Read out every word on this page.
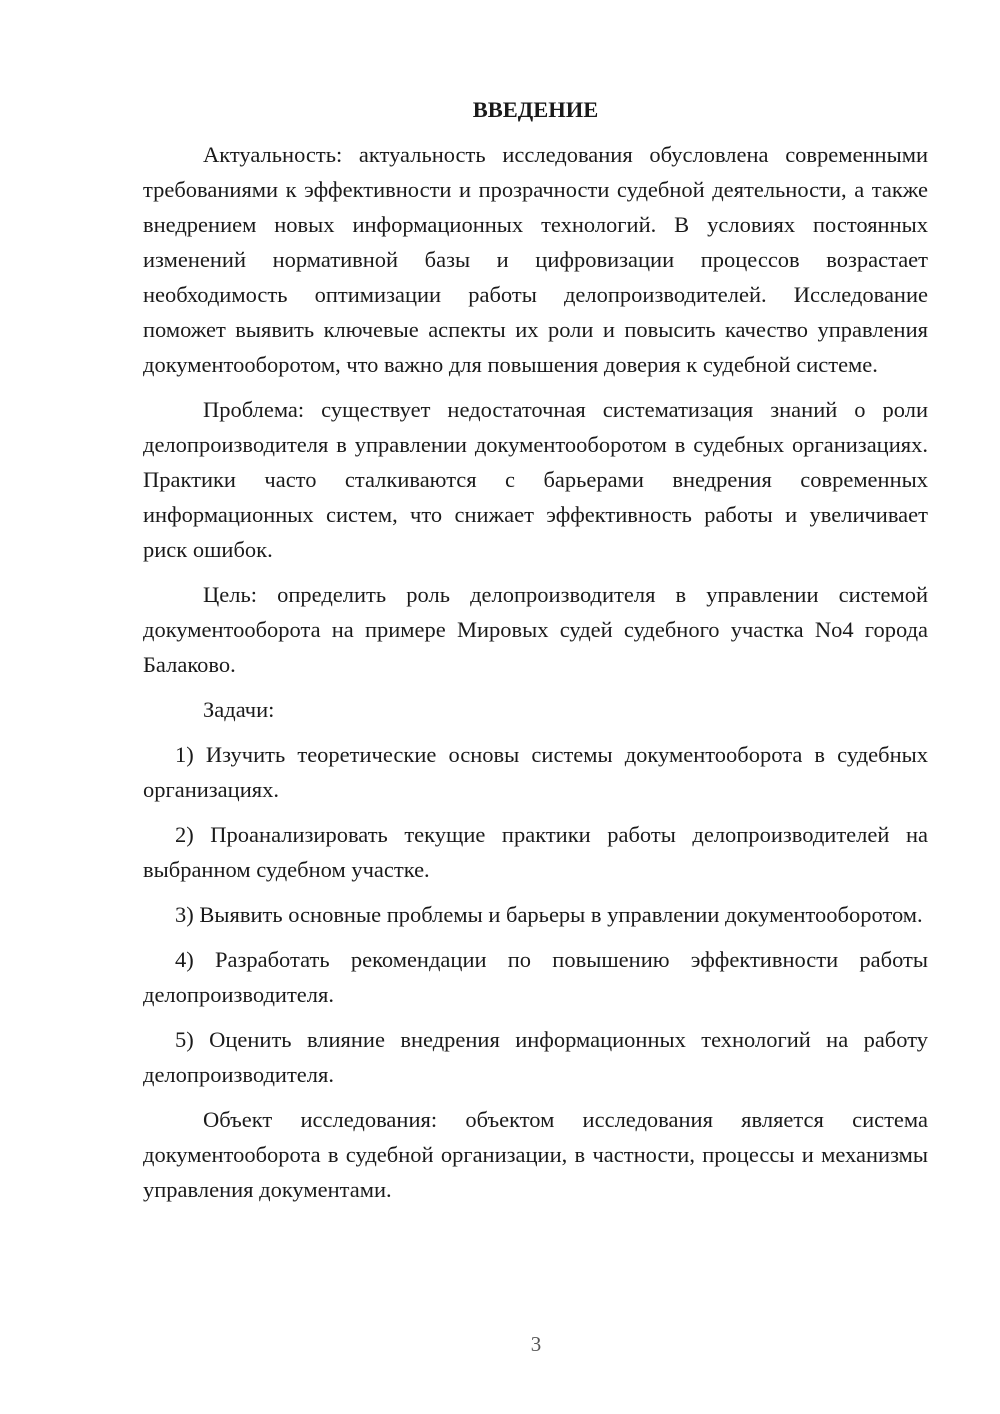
ВВЕДЕНИЕ

Актуальность: актуальность исследования обусловлена современными требованиями к эффективности и прозрачности судебной деятельности, а также внедрением новых информационных технологий. В условиях постоянных изменений нормативной базы и цифровизации процессов возрастает необходимость оптимизации работы делопроизводителей. Исследование поможет выявить ключевые аспекты их роли и повысить качество управления документооборотом, что важно для повышения доверия к судебной системе.

Проблема: существует недостаточная систематизация знаний о роли делопроизводителя в управлении документооборотом в судебных организациях. Практики часто сталкиваются с барьерами внедрения современных информационных систем, что снижает эффективность работы и увеличивает риск ошибок.

Цель: определить роль делопроизводителя в управлении системой документооборота на примере Мировых судей судебного участка No4 города Балаково.

Задачи:

1) Изучить теоретические основы системы документооборота в судебных организациях.

2) Проанализировать текущие практики работы делопроизводителей на выбранном судебном участке.

3) Выявить основные проблемы и барьеры в управлении документооборотом.

4) Разработать рекомендации по повышению эффективности работы делопроизводителя.

5) Оценить влияние внедрения информационных технологий на работу делопроизводителя.

Объект исследования: объектом исследования является система документооборота в судебной организации, в частности, процессы и механизмы управления документами.

3
